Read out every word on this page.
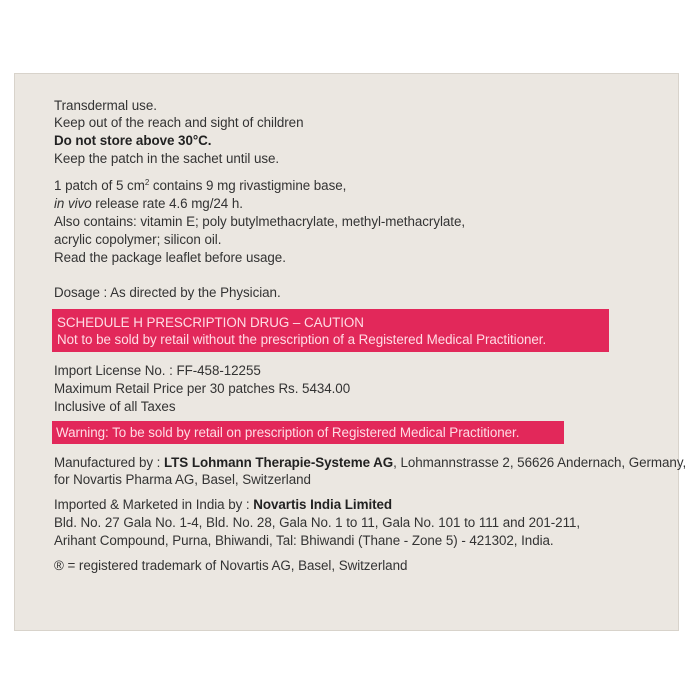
Transdermal use.
Keep out of the reach and sight of children
Do not store above 30°C.
Keep the patch in the sachet until use.
1 patch of 5 $cm^2$ contains 9 mg rivastigmine base,
in vivo release rate 4.6 mg/24 h.
Also contains: vitamin E; poly butylmethacrylate, methyl-methacrylate,
acrylic copolymer; silicon oil.
Read the package leaflet before usage.
Dosage : As directed by the Physician.
SCHEDULE H PRESCRIPTION DRUG – CAUTION
Not to be sold by retail without the prescription of a Registered Medical Practitioner.
Import License No. : FF-458-12255
Maximum Retail Price per 30 patches Rs. 5434.00
Inclusive of all Taxes
Warning: To be sold by retail on prescription of Registered Medical Practitioner.
Manufactured by : LTS Lohmann Therapie-Systeme AG, Lohmannstrasse 2, 56626 Andernach, Germany,
for Novartis Pharma AG, Basel, Switzerland
Imported & Marketed in India by : Novartis India Limited
Bld. No. 27 Gala No. 1-4, Bld. No. 28, Gala No. 1 to 11, Gala No. 101 to 111 and 201-211,
Arihant Compound, Purna, Bhiwandi, Tal: Bhiwandi (Thane - Zone 5) - 421302, India.
® = registered trademark of Novartis AG, Basel, Switzerland
